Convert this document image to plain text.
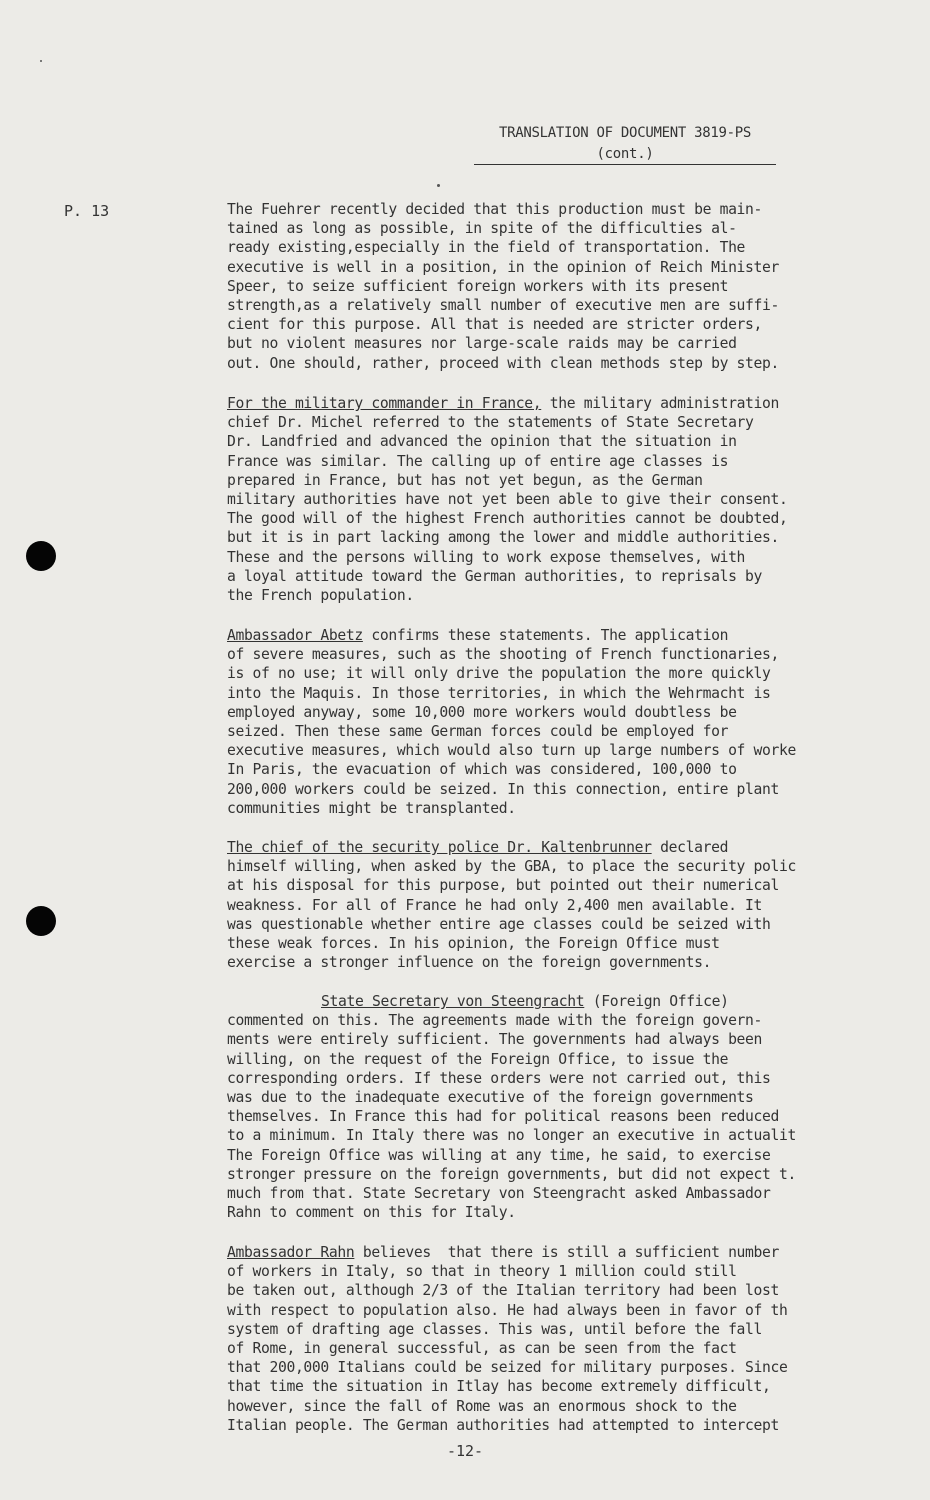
TRANSLATION OF DOCUMENT 3819-PS
(cont.)
P. 13	The Fuehrer recently decided that this production must be main-
tained as long as possible, in spite of the difficulties al-
ready existing,especially in the field of transportation. The
executive is well in a position, in the opinion of Reich Minister
Speer, to seize sufficient foreign workers with its present
strength,as a relatively small number of executive men are suffi-
cient for this purpose. All that is needed are stricter orders,
but no violent measures nor large-scale raids may be carried
out. One should, rather, proceed with clean methods step by step.
For the military commander in France, the military administration
chief Dr. Michel referred to the statements of State Secretary
Dr. Landfried and advanced the opinion that the situation in
France was similar. The calling up of entire age classes is
prepared in France, but has not yet begun, as the German
military authorities have not yet been able to give their consent.
The good will of the highest French authorities cannot be doubted,
but it is in part lacking among the lower and middle authorities.
These and the persons willing to work expose themselves, with
a loyal attitude toward the German authorities, to reprisals by
the French population.
Ambassador Abetz confirms these statements. The application
of severe measures, such as the shooting of French functionaries,
is of no use; it will only drive the population the more quickly
into the Maquis. In those territories, in which the Wehrmacht is
employed anyway, some 10,000 more workers would doubtless be
seized. Then these same German forces could be employed for
executive measures, which would also turn up large numbers of worke
In Paris, the evacuation of which was considered, 100,000 to
200,000 workers could be seized. In this connection, entire plant
communities might be transplanted.
The chief of the security police Dr. Kaltenbrunner declared
himself willing, when asked by the GBA, to place the security polic
at his disposal for this purpose, but pointed out their numerical
weakness. For all of France he had only 2,400 men available. It
was questionable whether entire age classes could be seized with
these weak forces. In his opinion, the Foreign Office must
exercise a stronger influence on the foreign governments.
State Secretary von Steengracht (Foreign Office)
commented on this. The agreements made with the foreign govern-
ments were entirely sufficient. The governments had always been
willing, on the request of the Foreign Office, to issue the
corresponding orders. If these orders were not carried out, this
was due to the inadequate executive of the foreign governments
themselves. In France this had for political reasons been reduced
to a minimum. In Italy there was no longer an executive in actualit
The Foreign Office was willing at any time, he said, to exercise
stronger pressure on the foreign governments, but did not expect t.
much from that. State Secretary von Steengracht asked Ambassador
Rahn to comment on this for Italy.
Ambassador Rahn believes  that there is still a sufficient number
of workers in Italy, so that in theory 1 million could still
be taken out, although 2/3 of the Italian territory had been lost
with respect to population also. He had always been in favor of th
system of drafting age classes. This was, until before the fall
of Rome, in general successful, as can be seen from the fact
that 200,000 Italians could be seized for military purposes. Since
that time the situation in Itlay has become extremely difficult,
however, since the fall of Rome was an enormous shock to the
Italian people. The German authorities had attempted to intercept
-12-
